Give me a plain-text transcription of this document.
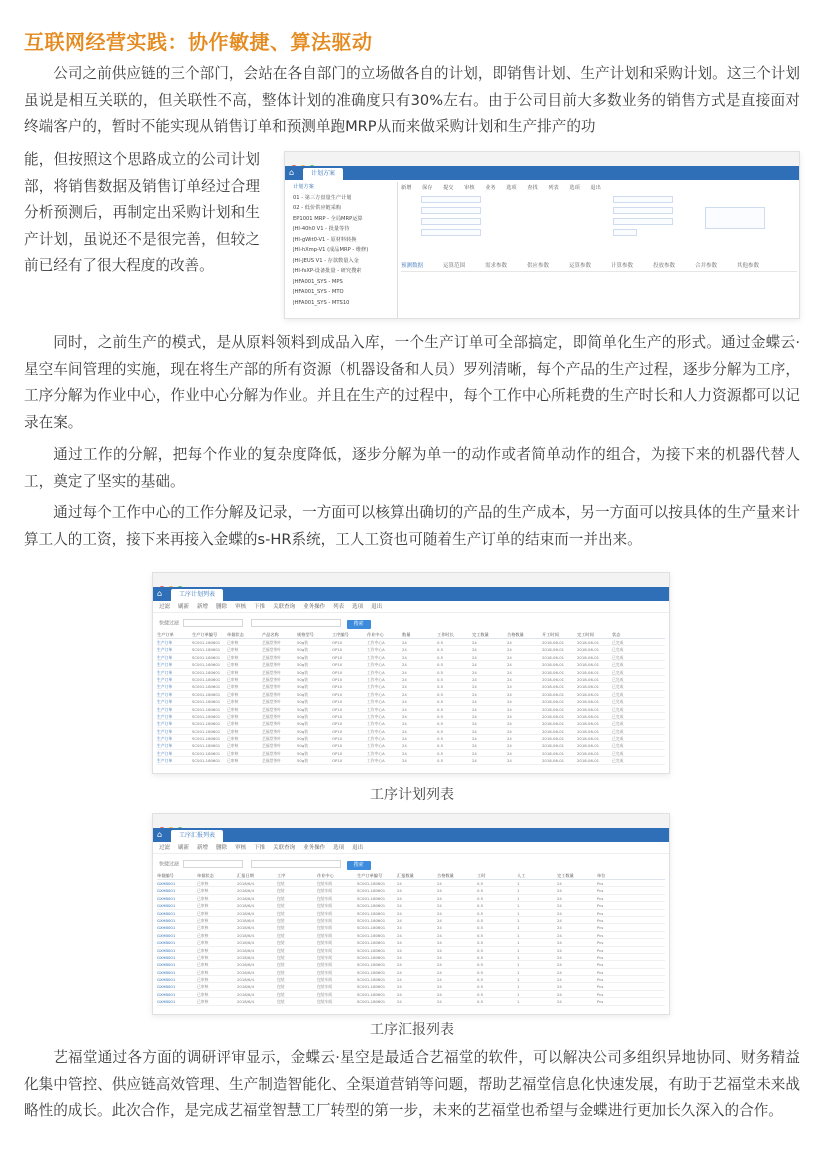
互联网经营实践：协作敏捷、算法驱动

公司之前供应链的三个部门，会站在各自部门的立场做各自的计划，即销售计划、生产计划和采购计划。这三个计划虽说是相互关联的，但关联性不高，整体计划的准确度只有30%左右。由于公司目前大多数业务的销售方式是直接面对终端客户的，暂时不能实现从销售订单和预测单跑MRP从而来做采购计划和生产排产的功

能，但按照这个思路成立的公司计划部，将销售数据及销售订单经过合理分析预测后，再制定出采购计划和生产计划，虽说还不是很完善，但较之前已经有了很大程度的改善。

⌂	计划方案
计划方案
01 - 第三方盘量生产计划
02 - 低价供应链采购
EP1001 MRP - 全局MRP运算
JHI-40h0 V1 - 批量等待
JHI-gWit0-V1 - 原材料转换
JHI-hXmp-V1 (成品MRP - 维修)
JHI-JEUS V1 - 存款数量入金
JHI-fsXP-设备批量 - 研究搜索
JHFA001_SYS - MPS
JHFA001_SYS - MTO
JHFA001_SYS - MTS10
新增 保存 提交 审核 业务 选项 查找 列表 选项 退出
预测数据	运算范围	需求参数	供应参数	运算参数	计算参数	投放参数	合并参数	其他参数

同时，之前生产的模式，是从原料领料到成品入库，一个生产订单可全部搞定，即简单化生产的形式。通过金蝶云·星空车间管理的实施，现在将生产部的所有资源（机器设备和人员）罗列清晰，每个产品的生产过程，逐步分解为工序，工序分解为作业中心，作业中心分解为作业。并且在生产的过程中，每个工作中心所耗费的生产时长和人力资源都可以记录在案。

通过工作的分解，把每个作业的复杂度降低，逐步分解为单一的动作或者简单动作的组合，为接下来的机器代替人工，奠定了坚实的基础。

通过每个工作中心的工作分解及记录，一方面可以核算出确切的产品的生产成本，另一方面可以按具体的生产量来计算工人的工资，接下来再接入金蝶的s-HR系统，工人工资也可随着生产订单的结束而一并出来。

⌂	工序计划列表
过滤 刷新 新增 删除 审核 下推 关联查询 业务操作 列表 选项 退出
快捷过滤	搜索
生产订单	生产订单编号 单据状态	产品名称	规格型号	工序编号	作业中心	数量	工作时长	完工数量	合格数量	开工时间	完工时间	状态
生产订单	SC001-180601 已审核	艺福堂茶叶	50g装	OP10	工作中心A	24	0.5	24	24	2018-06-01	2018-06-01	已完成
生产订单	SC001-180601 已审核	艺福堂茶叶	50g装	OP10	工作中心A	24	0.5	24	24	2018-06-01	2018-06-01	已完成
生产订单	SC001-180601 已审核	艺福堂茶叶	50g装	OP10	工作中心A	24	0.5	24	24	2018-06-01	2018-06-01	已完成
生产订单	SC001-180601 已审核	艺福堂茶叶	50g装	OP10	工作中心A	24	0.5	24	24	2018-06-01	2018-06-01	已完成
生产订单	SC001-180601 已审核	艺福堂茶叶	50g装	OP10	工作中心A	24	0.5	24	24	2018-06-01	2018-06-01	已完成
生产订单	SC001-180601 已审核	艺福堂茶叶	50g装	OP10	工作中心A	24	0.5	24	24	2018-06-01	2018-06-01	已完成
生产订单	SC001-180601 已审核	艺福堂茶叶	50g装	OP10	工作中心A	24	0.5	24	24	2018-06-01	2018-06-01	已完成
生产订单	SC001-180601 已审核	艺福堂茶叶	50g装	OP10	工作中心A	24	0.5	24	24	2018-06-01	2018-06-01	已完成
生产订单	SC001-180601 已审核	艺福堂茶叶	50g装	OP10	工作中心A	24	0.5	24	24	2018-06-01	2018-06-01	已完成
生产订单	SC001-180601 已审核	艺福堂茶叶	50g装	OP10	工作中心A	24	0.5	24	24	2018-06-01	2018-06-01	已完成
生产订单	SC001-180601 已审核	艺福堂茶叶	50g装	OP10	工作中心A	24	0.5	24	24	2018-06-01	2018-06-01	已完成
生产订单	SC001-180601 已审核	艺福堂茶叶	50g装	OP10	工作中心A	24	0.5	24	24	2018-06-01	2018-06-01	已完成
生产订单	SC001-180601 已审核	艺福堂茶叶	50g装	OP10	工作中心A	24	0.5	24	24	2018-06-01	2018-06-01	已完成
生产订单	SC001-180601 已审核	艺福堂茶叶	50g装	OP10	工作中心A	24	0.5	24	24	2018-06-01	2018-06-01	已完成
生产订单	SC001-180601 已审核	艺福堂茶叶	50g装	OP10	工作中心A	24	0.5	24	24	2018-06-01	2018-06-01	已完成
生产订单	SC001-180601 已审核	艺福堂茶叶	50g装	OP10	工作中心A	24	0.5	24	24	2018-06-01	2018-06-01	已完成
生产订单	SC001-180601 已审核	艺福堂茶叶	50g装	OP10	工作中心A	24	0.5	24	24	2018-06-01	2018-06-01	已完成
工序计划列表
⌂	工序汇报列表
过滤 刷新 新增 删除 审核 下推 关联查询 业务操作 选项 退出
快捷过滤	搜索
单据编号	单据状态	汇报日期	工序	作业中心	生产订单编号	汇报数量	合格数量	工时	人工	完工数量	单位
GXHB001	已审核	2018/6/4	包装	包装车间	SC001-180601	24	24	0.5	1	24	Pcs
GXHB001	已审核	2018/6/4	包装	包装车间	SC001-180601	24	24	0.5	1	24	Pcs
GXHB001	已审核	2018/6/4	包装	包装车间	SC001-180601	24	24	0.5	1	24	Pcs
GXHB001	已审核	2018/6/4	包装	包装车间	SC001-180601	24	24	0.5	1	24	Pcs
GXHB001	已审核	2018/6/4	包装	包装车间	SC001-180601	24	24	0.5	1	24	Pcs
GXHB001	已审核	2018/6/4	包装	包装车间	SC001-180601	24	24	0.5	1	24	Pcs
GXHB001	已审核	2018/6/4	包装	包装车间	SC001-180601	24	24	0.5	1	24	Pcs
GXHB001	已审核	2018/6/4	包装	包装车间	SC001-180601	24	24	0.5	1	24	Pcs
GXHB001	已审核	2018/6/4	包装	包装车间	SC001-180601	24	24	0.5	1	24	Pcs
GXHB001	已审核	2018/6/4	包装	包装车间	SC001-180601	24	24	0.5	1	24	Pcs
GXHB001	已审核	2018/6/4	包装	包装车间	SC001-180601	24	24	0.5	1	24	Pcs
GXHB001	已审核	2018/6/4	包装	包装车间	SC001-180601	24	24	0.5	1	24	Pcs
GXHB001	已审核	2018/6/4	包装	包装车间	SC001-180601	24	24	0.5	1	24	Pcs
GXHB001	已审核	2018/6/4	包装	包装车间	SC001-180601	24	24	0.5	1	24	Pcs
GXHB001	已审核	2018/6/4	包装	包装车间	SC001-180601	24	24	0.5	1	24	Pcs
GXHB001	已审核	2018/6/4	包装	包装车间	SC001-180601	24	24	0.5	1	24	Pcs
GXHB001	已审核	2018/6/4	包装	包装车间	SC001-180601	24	24	0.5	1	24	Pcs
工序汇报列表

艺福堂通过各方面的调研评审显示，金蝶云·星空是最适合艺福堂的软件，可以解决公司多组织异地协同、财务精益化集中管控、供应链高效管理、生产制造智能化、全渠道营销等问题，帮助艺福堂信息化快速发展，有助于艺福堂未来战略性的成长。此次合作，是完成艺福堂智慧工厂转型的第一步，未来的艺福堂也希望与金蝶进行更加长久深入的合作。
